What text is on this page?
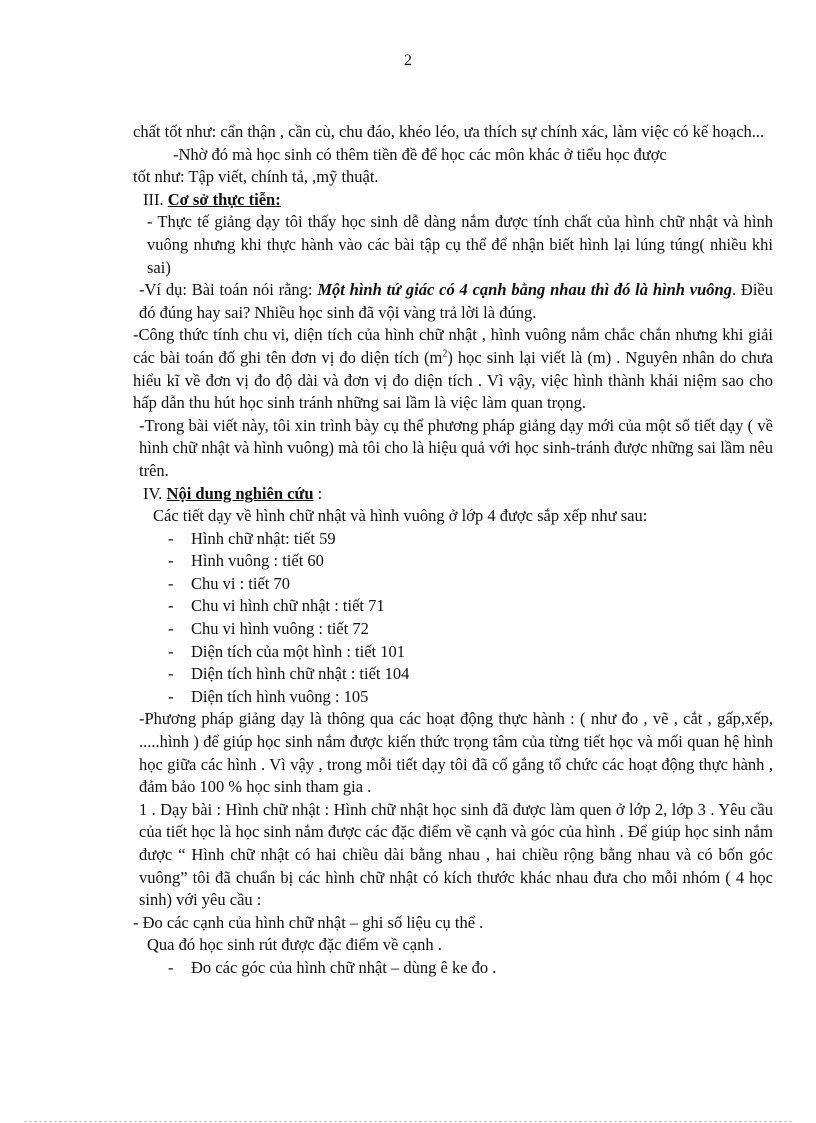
2

chất tốt như: cẩn thận , cần cù, chu đáo, khéo léo, ưa thích sự chính xác, làm việc có kế hoạch...

-Nhờ đó mà học sinh có thêm tiền đề để học các môn khác ở tiểu học được

tốt như: Tập viết, chính tả, ,mỹ thuật.

III. Cơ sở thực tiễn:

- Thực tế giảng dạy tôi thấy học sinh dễ dàng nắm được tính chất của hình chữ nhật và hình vuông nhưng khi thực hành vào các bài tập cụ thể để nhận biết hình lại lúng túng( nhiều khi sai)

-Ví dụ: Bài toán nói rằng: Một hình tứ giác có 4 cạnh bằng nhau thì đó là hình vuông. Điều đó đúng hay sai? Nhiều học sinh đã vội vàng trả lời là đúng.

-Công thức tính chu vi, diện tích của hình chữ nhật , hình vuông nắm chắc chắn nhưng khi giải các bài toán đố ghi tên đơn vị đo diện tích $(m^2)$ học sinh lại viết là (m) . Nguyên nhân do chưa hiểu kĩ về đơn vị đo độ dài và đơn vị đo diện tích . Vì vậy, việc hình thành khái niệm sao cho hấp dẫn thu hút học sinh tránh những sai lầm là việc làm quan trọng.

-Trong bài viết này, tôi xin trình bày cụ thể phương pháp giảng dạy mới của một số tiết dạy ( về hình chữ nhật và hình vuông) mà tôi cho là hiệu quả với học sinh-tránh được những sai lầm nêu trên.

IV. Nội dung nghiên cứu :

Các tiết dạy về hình chữ nhật và hình vuông ở lớp 4 được sắp xếp như sau:

- Hình chữ nhật: tiết 59
- Hình vuông : tiết 60
- Chu vi : tiết 70
- Chu vi hình chữ nhật : tiết 71
- Chu vi hình vuông : tiết 72
- Diện tích của một hình : tiết 101
- Diện tích hình chữ nhật : tiết 104
- Diện tích hình vuông : 105

-Phương pháp giảng dạy là thông qua các hoạt động thực hành : ( như đo , vẽ , cắt , gấp,xếp, .....hình ) để giúp học sinh nắm được kiến thức trọng tâm của từng tiết học và mối quan hệ hình học giữa các hình . Vì vậy , trong mỗi tiết dạy tôi đã cố gắng tổ chức các hoạt động thực hành , đảm bảo 100 % học sinh tham gia .

1 . Dạy bài : Hình chữ nhật : Hình chữ nhật học sinh đã được làm quen ở lớp 2, lớp 3 . Yêu cầu của tiết học là học sinh nắm được các đặc điểm về cạnh và góc của hình . Để giúp học sinh nắm được “ Hình chữ nhật có hai chiều dài bằng nhau , hai chiều rộng bằng nhau và có bốn góc vuông” tôi đã chuẩn bị các hình chữ nhật có kích thước khác nhau đưa cho mỗi nhóm ( 4 học sinh) với yêu cầu :

- Đo các cạnh của hình chữ nhật – ghi số liệu cụ thể .

Qua đó học sinh rút được đặc điểm về cạnh .

- Đo các góc của hình chữ nhật – dùng ê ke đo .
